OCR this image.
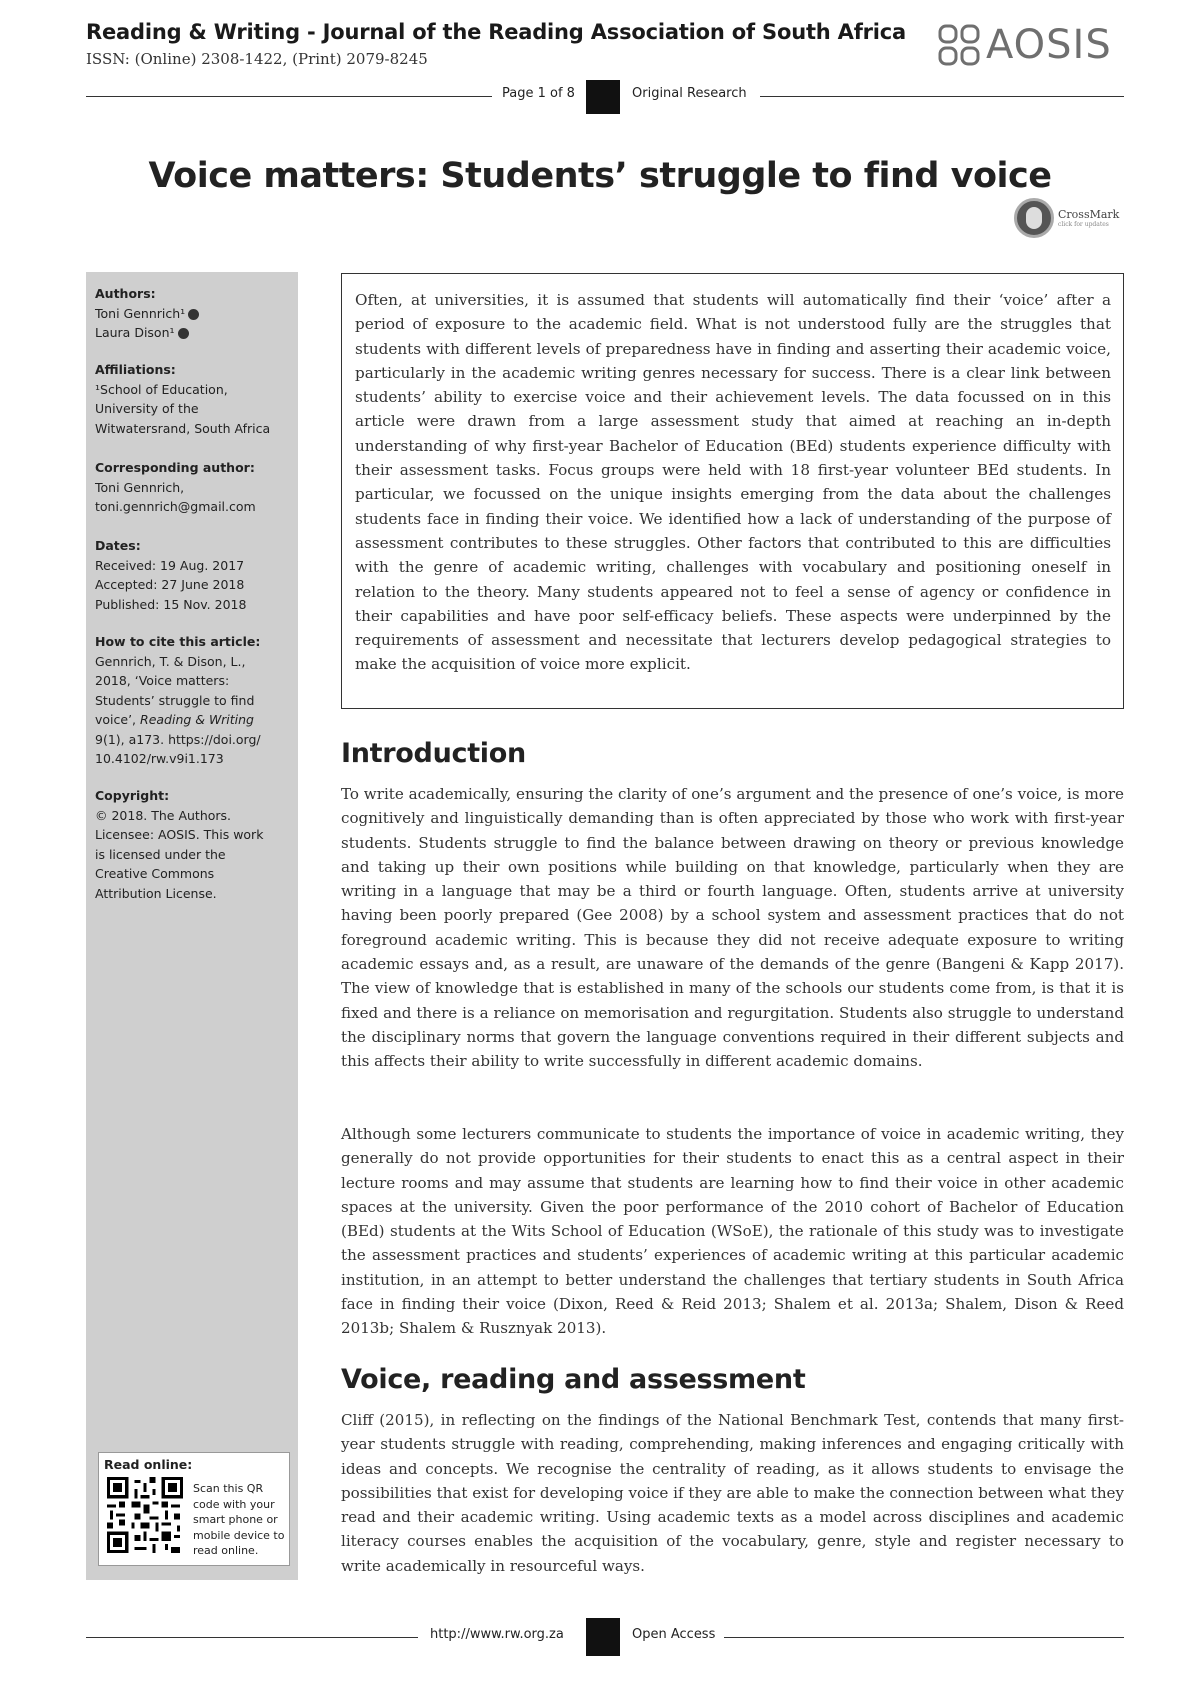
Reading & Writing - Journal of the Reading Association of South Africa
ISSN: (Online) 2308-1422, (Print) 2079-8245	AOSIS
Page 1 of 8	Original Research
Voice matters: Students’ struggle to find voice
CrossMark
click for updates
Authors:
Toni Gennrich¹
Laura Dison¹
Affiliations:
¹School of Education,
University of the
Witwatersrand, South Africa
Corresponding author:
Toni Gennrich,
toni.gennrich@gmail.com
Dates:
Received: 19 Aug. 2017
Accepted: 27 June 2018
Published: 15 Nov. 2018
How to cite this article:
Gennrich, T. & Dison, L.,
2018, ‘Voice matters:
Students’ struggle to find
voice’, Reading & Writing
9(1), a173. https://doi.org/
10.4102/rw.v9i1.173
Copyright:
© 2018. The Authors.
Licensee: AOSIS. This work
is licensed under the
Creative Commons
Attribution License.
Read online:
Scan this QR code with your smart phone or mobile device to read online.

Often, at universities, it is assumed that students will automatically find their ‘voice’ after a period of exposure to the academic field. What is not understood fully are the struggles that students with different levels of preparedness have in finding and asserting their academic voice, particularly in the academic writing genres necessary for success. There is a clear link between students’ ability to exercise voice and their achievement levels. The data focussed on in this article were drawn from a large assessment study that aimed at reaching an in-depth understanding of why first-year Bachelor of Education (BEd) students experience difficulty with their assessment tasks. Focus groups were held with 18 first-year volunteer BEd students. In particular, we focussed on the unique insights emerging from the data about the challenges students face in finding their voice. We identified how a lack of understanding of the purpose of assessment contributes to these struggles. Other factors that contributed to this are difficulties with the genre of academic writing, challenges with vocabulary and positioning oneself in relation to the theory. Many students appeared not to feel a sense of agency or confidence in their capabilities and have poor self-efficacy beliefs. These aspects were underpinned by the requirements of assessment and necessitate that lecturers develop pedagogical strategies to make the acquisition of voice more explicit.

Introduction

To write academically, ensuring the clarity of one’s argument and the presence of one’s voice, is more cognitively and linguistically demanding than is often appreciated by those who work with first-year students. Students struggle to find the balance between drawing on theory or previous knowledge and taking up their own positions while building on that knowledge, particularly when they are writing in a language that may be a third or fourth language. Often, students arrive at university having been poorly prepared (Gee 2008) by a school system and assessment practices that do not foreground academic writing. This is because they did not receive adequate exposure to writing academic essays and, as a result, are unaware of the demands of the genre (Bangeni & Kapp 2017). The view of knowledge that is established in many of the schools our students come from, is that it is fixed and there is a reliance on memorisation and regurgitation. Students also struggle to understand the disciplinary norms that govern the language conventions required in their different subjects and this affects their ability to write successfully in different academic domains.

Although some lecturers communicate to students the importance of voice in academic writing, they generally do not provide opportunities for their students to enact this as a central aspect in their lecture rooms and may assume that students are learning how to find their voice in other academic spaces at the university. Given the poor performance of the 2010 cohort of Bachelor of Education (BEd) students at the Wits School of Education (WSoE), the rationale of this study was to investigate the assessment practices and students’ experiences of academic writing at this particular academic institution, in an attempt to better understand the challenges that tertiary students in South Africa face in finding their voice (Dixon, Reed & Reid 2013; Shalem et al. 2013a; Shalem, Dison & Reed 2013b; Shalem & Rusznyak 2013).

Voice, reading and assessment

Cliff (2015), in reflecting on the findings of the National Benchmark Test, contends that many first-year students struggle with reading, comprehending, making inferences and engaging critically with ideas and concepts. We recognise the centrality of reading, as it allows students to envisage the possibilities that exist for developing voice if they are able to make the connection between what they read and their academic writing. Using academic texts as a model across disciplines and academic literacy courses enables the acquisition of the vocabulary, genre, style and register necessary to write academically in resourceful ways.

http://www.rw.org.za	Open Access
